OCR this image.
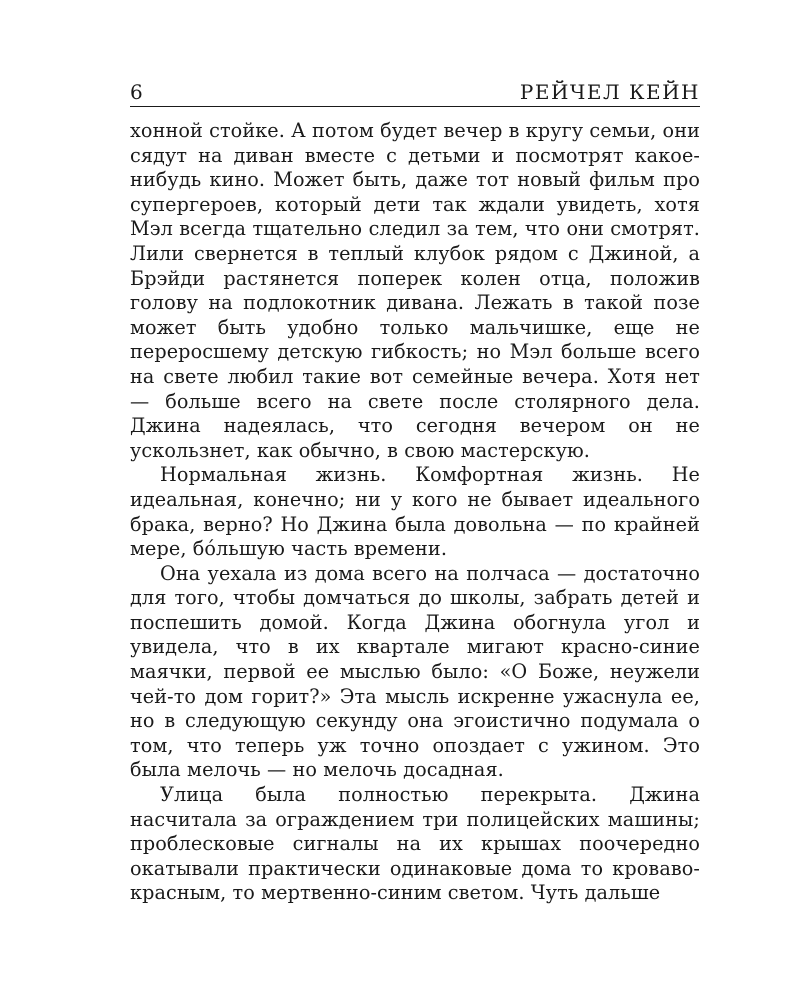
6	РЕЙЧЕЛ КЕЙН

хонной стойке. А потом будет вечер в кругу семьи, они сядут на диван вместе с детьми и посмотрят какое-нибудь кино. Может быть, даже тот новый фильм про супергероев, который дети так ждали увидеть, хотя Мэл всегда тщательно следил за тем, что они смотрят. Лили свернется в теплый клубок рядом с Джиной, а Брэйди растянется поперек колен отца, положив голову на подлокотник дивана. Лежать в такой позе может быть удобно только мальчишке, еще не переросшему детскую гибкость; но Мэл больше всего на свете любил такие вот семейные вечера. Хотя нет — больше всего на свете после столярного дела. Джина надеялась, что сегодня вечером он не ускользнет, как обычно, в свою мастерскую.

Нормальная жизнь. Комфортная жизнь. Не идеальная, конечно; ни у кого не бывает идеального брака, верно? Но Джина была довольна — по крайней мере, бóльшую часть времени.

Она уехала из дома всего на полчаса — достаточно для того, чтобы домчаться до школы, забрать детей и поспешить домой. Когда Джина обогнула угол и увидела, что в их квартале мигают красно-синие маячки, первой ее мыслью было: «О Боже, неужели чей-то дом горит?» Эта мысль искренне ужаснула ее, но в следующую секунду она эгоистично подумала о том, что теперь уж точно опоздает с ужином. Это была мелочь — но мелочь досадная.

Улица была полностью перекрыта. Джина насчитала за ограждением три полицейских машины; проблесковые сигналы на их крышах поочередно окатывали практически одинаковые дома то кроваво-красным, то мертвенно-синим светом. Чуть дальше
